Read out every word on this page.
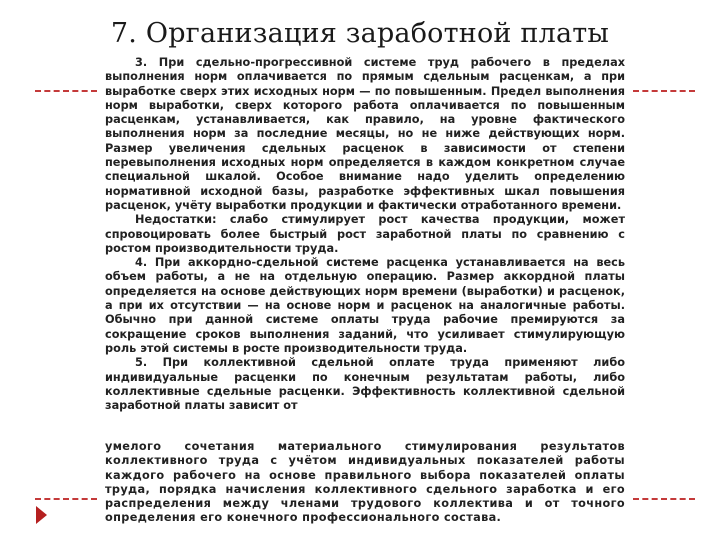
7. Организация заработной платы

3. При сдельно-прогрессивной системе труд рабочего в пределах выполнения норм оплачивается по прямым сдельным расценкам, а при выработке сверх этих исходных норм — по повышенным. Предел выполнения норм выработки, сверх которого работа оплачивается по повышенным расценкам, устанавливается, как правило, на уровне фактического выполнения норм за последние месяцы, но не ниже действующих норм. Размер увеличения сдельных расценок в зависимости от степени перевыполнения исходных норм определяется в каждом конкретном случае специальной шкалой. Особое внимание надо уделить определению нормативной исходной базы, разработке эффективных шкал повышения расценок, учёту выработки продукции и фактически отработанного времени.

Недостатки: слабо стимулирует рост качества продукции, может спровоцировать более быстрый рост заработной платы по сравнению с ростом производительности труда.

4. При аккордно-сдельной системе расценка устанавливается на весь объем работы, а не на отдельную операцию. Размер аккордной платы определяется на основе действующих норм времени (выработки) и расценок, а при их отсутствии — на основе норм и расценок на аналогичные работы. Обычно при данной системе оплаты труда рабочие премируются за сокращение сроков выполнения заданий, что усиливает стимулирующую роль этой системы в росте производительности труда.

5. При коллективной сдельной оплате труда применяют либо индивидуальные расценки по конечным результатам работы, либо коллективные сдельные расценки. Эффективность коллективной сдельной заработной платы зависит от

умелого сочетания материального стимулирования результатов коллективного труда с учётом индивидуальных показателей работы каждого рабочего на основе правильного выбора показателей оплаты труда, порядка начисления коллективного сдельного заработка и его распределения между членами трудового коллектива и от точного определения его конечного профессионального состава.
